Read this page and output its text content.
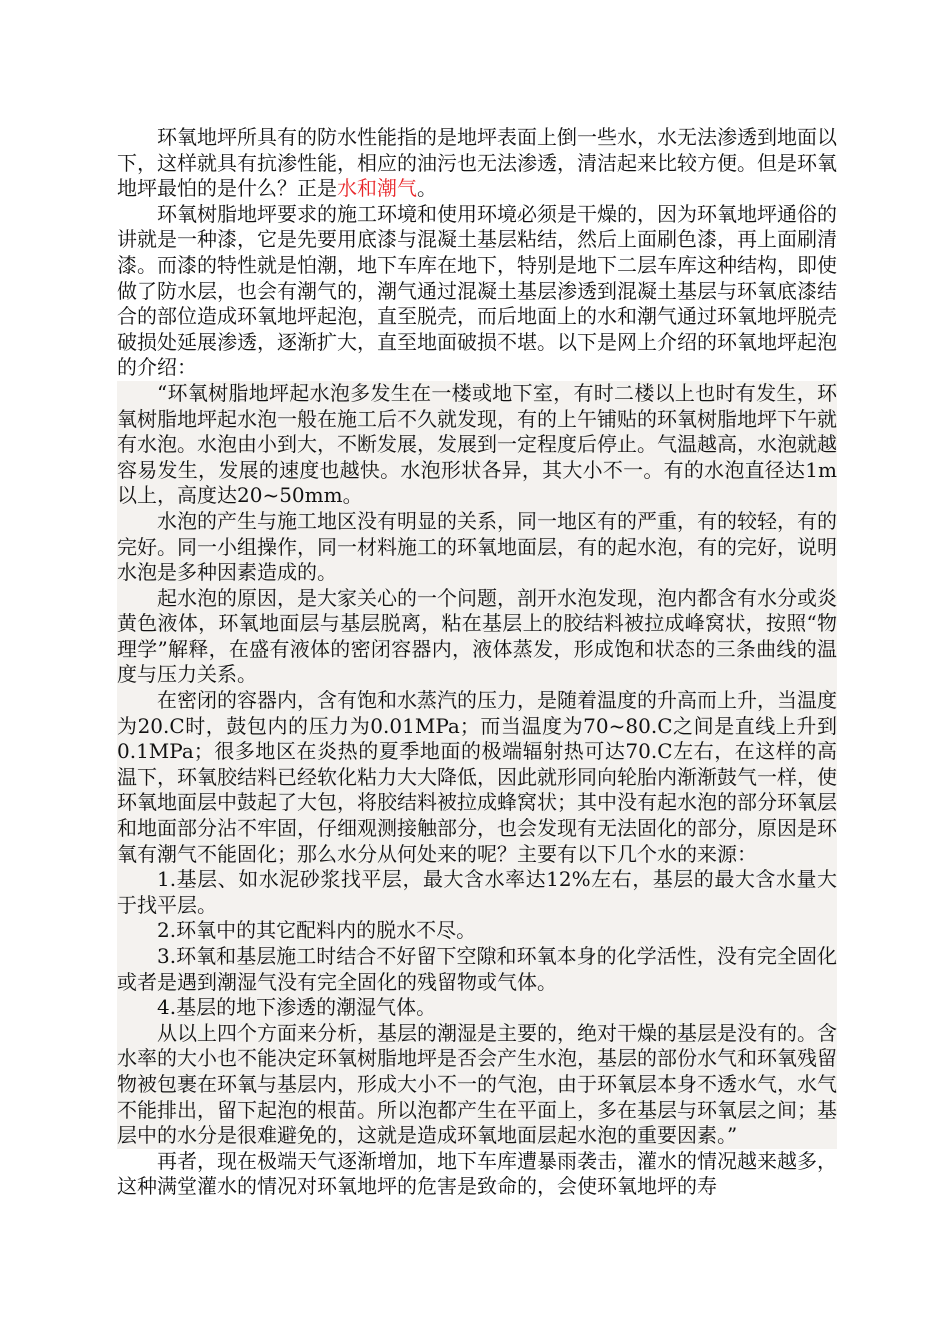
环氧地坪所具有的防水性能指的是地坪表面上倒一些水，水无法渗透到地面以下，这样就具有抗渗性能，相应的油污也无法渗透，清洁起来比较方便。但是环氧地坪最怕的是什么？正是水和潮气。

环氧树脂地坪要求的施工环境和使用环境必须是干燥的，因为环氧地坪通俗的讲就是一种漆，它是先要用底漆与混凝土基层粘结，然后上面刷色漆，再上面刷清漆。而漆的特性就是怕潮，地下车库在地下，特别是地下二层车库这种结构，即使做了防水层，也会有潮气的，潮气通过混凝土基层渗透到混凝土基层与环氧底漆结合的部位造成环氧地坪起泡，直至脱壳，而后地面上的水和潮气通过环氧地坪脱壳破损处延展渗透，逐渐扩大，直至地面破损不堪。以下是网上介绍的环氧地坪起泡的介绍：

“环氧树脂地坪起水泡多发生在一楼或地下室，有时二楼以上也时有发生，环氧树脂地坪起水泡一般在施工后不久就发现，有的上午铺贴的环氧树脂地坪下午就有水泡。水泡由小到大，不断发展，发展到一定程度后停止。气温越高，水泡就越容易发生，发展的速度也越快。水泡形状各异，其大小不一。有的水泡直径达1m以上，高度达20~50mm。

水泡的产生与施工地区没有明显的关系，同一地区有的严重，有的较轻，有的完好。同一小组操作，同一材料施工的环氧地面层，有的起水泡，有的完好，说明水泡是多种因素造成的。

起水泡的原因，是大家关心的一个问题，剖开水泡发现，泡内都含有水分或炎黄色液体，环氧地面层与基层脱离，粘在基层上的胶结料被拉成峰窝状，按照“物理学”解释，在盛有液体的密闭容器内，液体蒸发，形成饱和状态的三条曲线的温度与压力关系。

在密闭的容器内，含有饱和水蒸汽的压力，是随着温度的升高而上升，当温度为20.C时，鼓包内的压力为0.01MPa；而当温度为70~80.C之间是直线上升到0.1MPa；很多地区在炎热的夏季地面的极端辐射热可达70.C左右，在这样的高温下，环氧胶结料已经软化粘力大大降低，因此就形同向轮胎内渐渐鼓气一样，使环氧地面层中鼓起了大包，将胶结料被拉成蜂窝状；其中没有起水泡的部分环氧层和地面部分沾不牢固，仔细观测接触部分，也会发现有无法固化的部分，原因是环氧有潮气不能固化；那么水分从何处来的呢？主要有以下几个水的来源：

1.基层、如水泥砂浆找平层，最大含水率达12%左右，基层的最大含水量大于找平层。

2.环氧中的其它配料内的脱水不尽。

3.环氧和基层施工时结合不好留下空隙和环氧本身的化学活性，没有完全固化或者是遇到潮湿气没有完全固化的残留物或气体。

4.基层的地下渗透的潮湿气体。

从以上四个方面来分析，基层的潮湿是主要的，绝对干燥的基层是没有的。含水率的大小也不能决定环氧树脂地坪是否会产生水泡，基层的部份水气和环氧残留物被包裹在环氧与基层内，形成大小不一的气泡，由于环氧层本身不透水气，水气不能排出，留下起泡的根苗。所以泡都产生在平面上，多在基层与环氧层之间；基层中的水分是很难避免的，这就是造成环氧地面层起水泡的重要因素。”

再者，现在极端天气逐渐增加，地下车库遭暴雨袭击，灌水的情况越来越多，这种满堂灌水的情况对环氧地坪的危害是致命的，会使环氧地坪的寿
